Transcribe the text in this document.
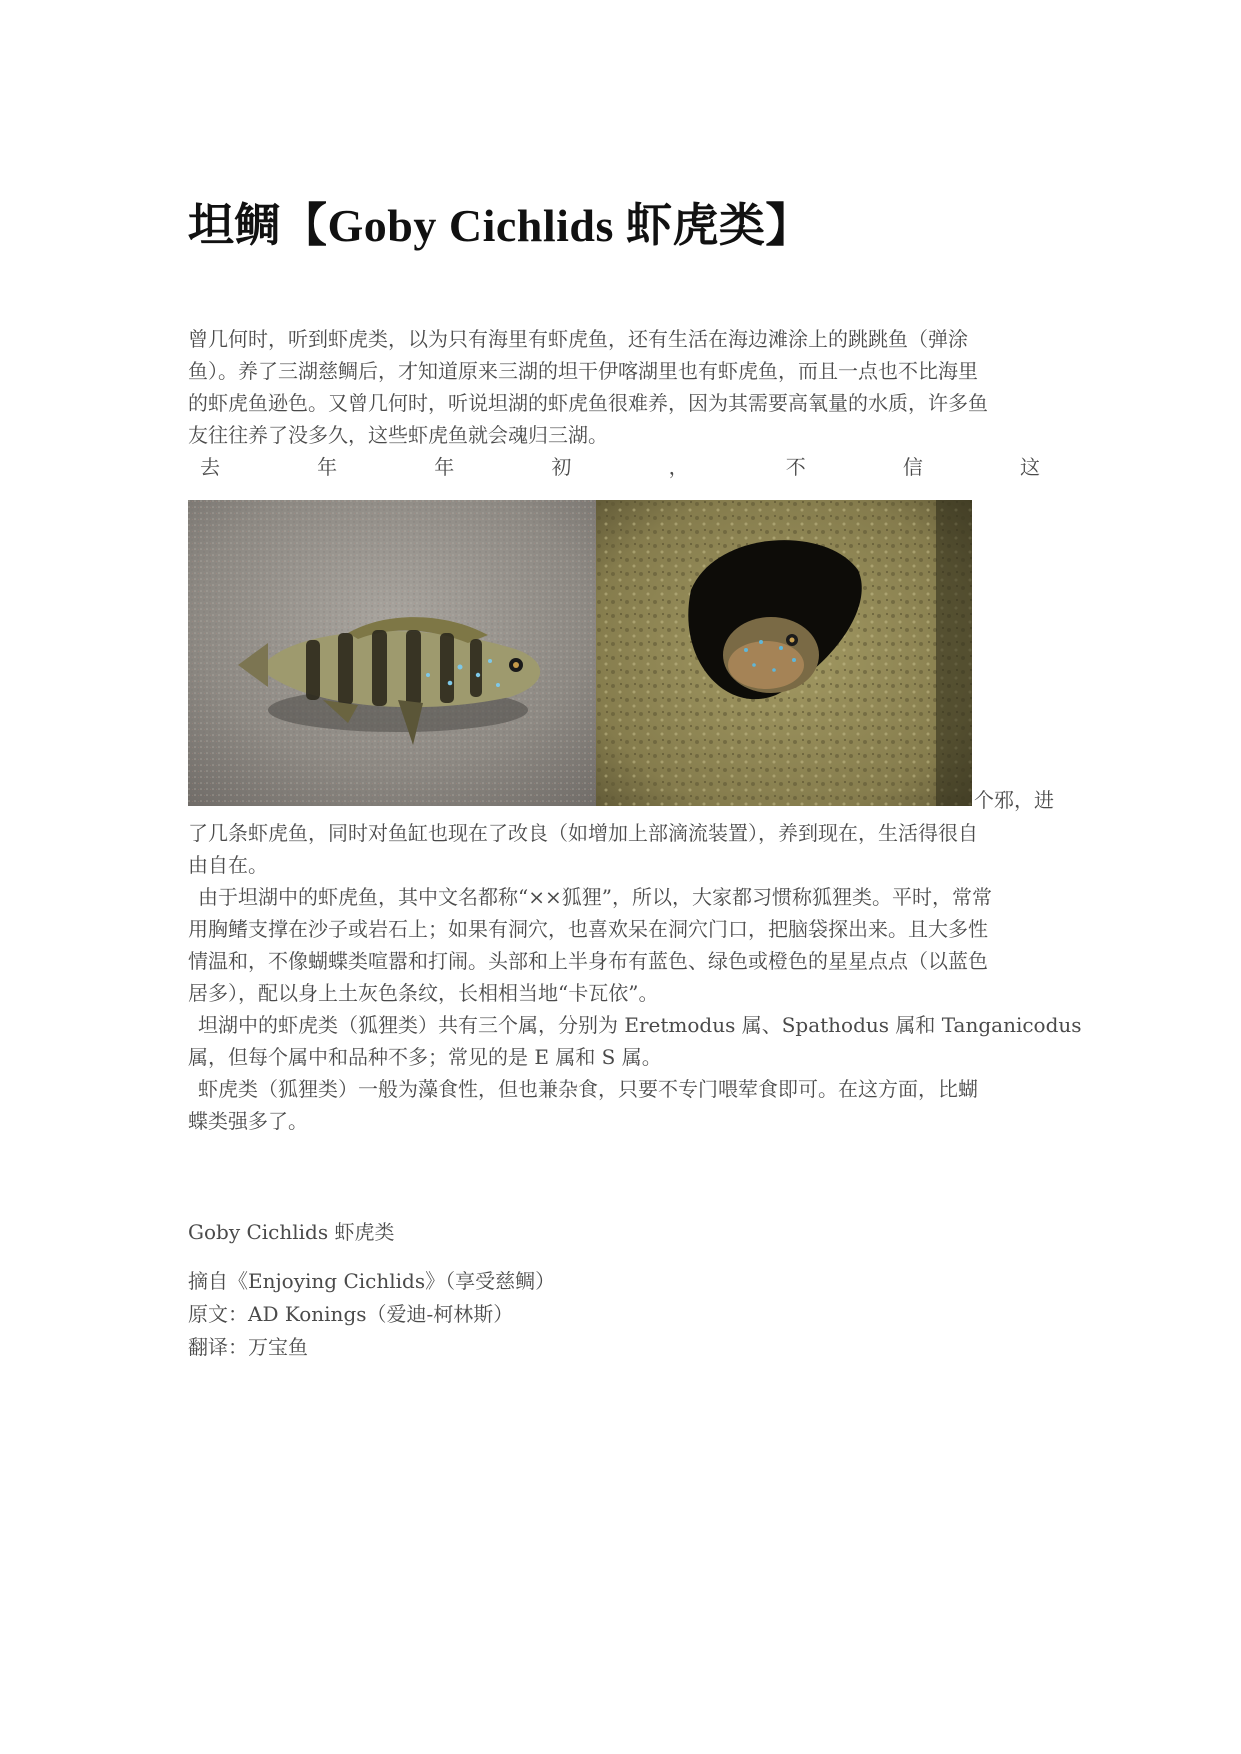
坦鲷【Goby Cichlids 虾虎类】
曾几何时，听到虾虎类，以为只有海里有虾虎鱼，还有生活在海边滩涂上的跳跳鱼（弹涂
鱼）。养了三湖慈鲷后，才知道原来三湖的坦干伊喀湖里也有虾虎鱼，而且一点也不比海里
的虾虎鱼逊色。又曾几何时，听说坦湖的虾虎鱼很难养，因为其需要高氧量的水质，许多鱼
友往往养了没多久，这些虾虎鱼就会魂归三湖。
去	年	年	初	，	不	信	这
个邪，进
了几条虾虎鱼，同时对鱼缸也现在了改良（如增加上部滴流装置），养到现在，生活得很自
由自在。
由于坦湖中的虾虎鱼，其中文名都称“××狐狸”，所以，大家都习惯称狐狸类。平时，常常
用胸鳍支撑在沙子或岩石上；如果有洞穴，也喜欢呆在洞穴门口，把脑袋探出来。且大多性
情温和，不像蝴蝶类喧嚣和打闹。头部和上半身布有蓝色、绿色或橙色的星星点点（以蓝色
居多），配以身上土灰色条纹，长相相当地“卡瓦依”。
坦湖中的虾虎类（狐狸类）共有三个属，分别为 Eretmodus 属、Spathodus 属和 Tanganicodus
属，但每个属中和品种不多；常见的是 E 属和 S 属。
虾虎类（狐狸类）一般为藻食性，但也兼杂食，只要不专门喂荤食即可。在这方面，比蝴
蝶类强多了。
Goby Cichlids 虾虎类
摘自《Enjoying Cichlids》（享受慈鲷）
原文：AD Konings（爱迪-柯林斯）
翻译：万宝鱼
